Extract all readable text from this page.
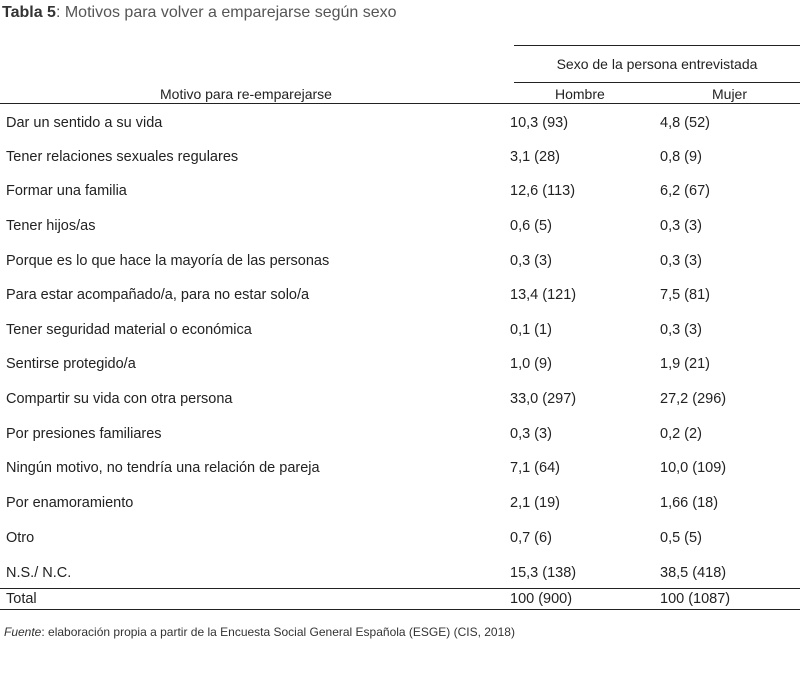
Tabla 5: Motivos para volver a emparejarse según sexo
Sexo de la persona entrevistada
Motivo para re-emparejarse	Hombre	Mujer
Dar un sentido a su vida	10,3 (93)	4,8 (52)
Tener relaciones sexuales regulares	3,1 (28)	0,8 (9)
Formar una familia	12,6 (113)	6,2 (67)
Tener hijos/as	0,6 (5)	0,3 (3)
Porque es lo que hace la mayoría de las personas	0,3 (3)	0,3 (3)
Para estar acompañado/a, para no estar solo/a	13,4 (121)	7,5 (81)
Tener seguridad material o económica	0,1 (1)	0,3 (3)
Sentirse protegido/a	1,0 (9)	1,9 (21)
Compartir su vida con otra persona	33,0 (297)	27,2 (296)
Por presiones familiares	0,3 (3)	0,2 (2)
Ningún motivo, no tendría una relación de pareja	7,1 (64)	10,0 (109)
Por enamoramiento	2,1 (19)	1,66 (18)
Otro	0,7 (6)	0,5 (5)
N.S./ N.C.	15,3 (138)	38,5 (418)
Total	100 (900)	100 (1087)
Fuente: elaboración propia a partir de la Encuesta Social General Española (ESGE) (CIS, 2018)
